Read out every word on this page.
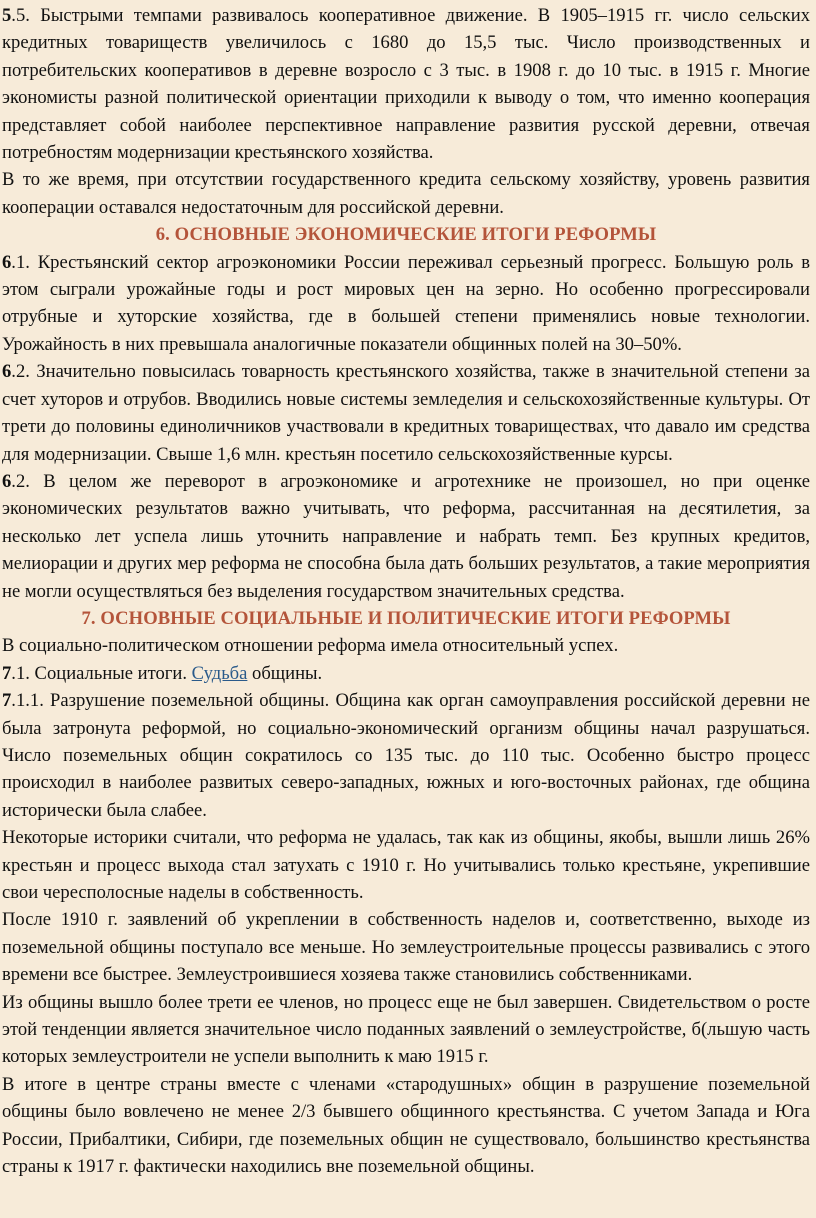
5.5. Быстрыми темпами развивалось кооперативное движение. В 1905–1915 гг. число сельских кредитных товариществ увеличилось с 1680 до 15,5 тыс. Число производственных и потребительских кооперативов в деревне возросло с 3 тыс. в 1908 г. до 10 тыс. в 1915 г. Многие экономисты разной политической ориентации приходили к выводу о том, что именно кооперация представляет собой наиболее перспективное направление развития русской деревни, отвечая потребностям модернизации крестьянского хозяйства.

В то же время, при отсутствии государственного кредита сельскому хозяйству, уровень развития кооперации оставался недостаточным для российской деревни.

6. ОСНОВНЫЕ ЭКОНОМИЧЕСКИЕ ИТОГИ РЕФОРМЫ

6.1. Крестьянский сектор агроэкономики России переживал серьезный прогресс. Большую роль в этом сыграли урожайные годы и рост мировых цен на зерно. Но особенно прогрессировали отрубные и хуторские хозяйства, где в большей степени применялись новые технологии. Урожайность в них превышала аналогичные показатели общинных полей на 30–50%.

6.2. Значительно повысилась товарность крестьянского хозяйства, также в значительной степени за счет хуторов и отрубов. Вводились новые системы земледелия и сельскохозяйственные культуры. От трети до половины единоличников участвовали в кредитных товариществах, что давало им средства для модернизации. Свыше 1,6 млн. крестьян посетило сельскохозяйственные курсы.

6.2. В целом же переворот в агроэкономике и агротехнике не произошел, но при оценке экономических результатов важно учитывать, что реформа, рассчитанная на десятилетия, за несколько лет успела лишь уточнить направление и набрать темп. Без крупных кредитов, мелиорации и других мер реформа не способна была дать больших результатов, а такие мероприятия не могли осуществляться без выделения государством значительных средства.

7. ОСНОВНЫЕ СОЦИАЛЬНЫЕ И ПОЛИТИЧЕСКИЕ ИТОГИ РЕФОРМЫ

В социально-политическом отношении реформа имела относительный успех.

7.1. Социальные итоги. Судьба общины.

7.1.1. Разрушение поземельной общины. Община как орган самоуправления российской деревни не была затронута реформой, но социально-экономический организм общины начал разрушаться. Число поземельных общин сократилось со 135 тыс. до 110 тыс. Особенно быстро процесс происходил в наиболее развитых северо-западных, южных и юго-восточных районах, где община исторически была слабее.

Некоторые историки считали, что реформа не удалась, так как из общины, якобы, вышли лишь 26% крестьян и процесс выхода стал затухать с 1910 г. Но учитывались только крестьяне, укрепившие свои чересполосные наделы в собственность.

После 1910 г. заявлений об укреплении в собственность наделов и, соответственно, выходе из поземельной общины поступало все меньше. Но землеустроительные процессы развивались с этого времени все быстрее. Землеустроившиеся хозяева также становились собственниками.

Из общины вышло более трети ее членов, но процесс еще не был завершен. Свидетельством о росте этой тенденции является значительное число поданных заявлений о землеустройстве, б(льшую часть которых землеустроители не успели выполнить к маю 1915 г.

В итоге в центре страны вместе с членами «стародушных» общин в разрушение поземельной общины было вовлечено не менее 2/3 бывшего общинного крестьянства. С учетом Запада и Юга России, Прибалтики, Сибири, где поземельных общин не существовало, большинство крестьянства страны к 1917 г. фактически находились вне поземельной общины.
